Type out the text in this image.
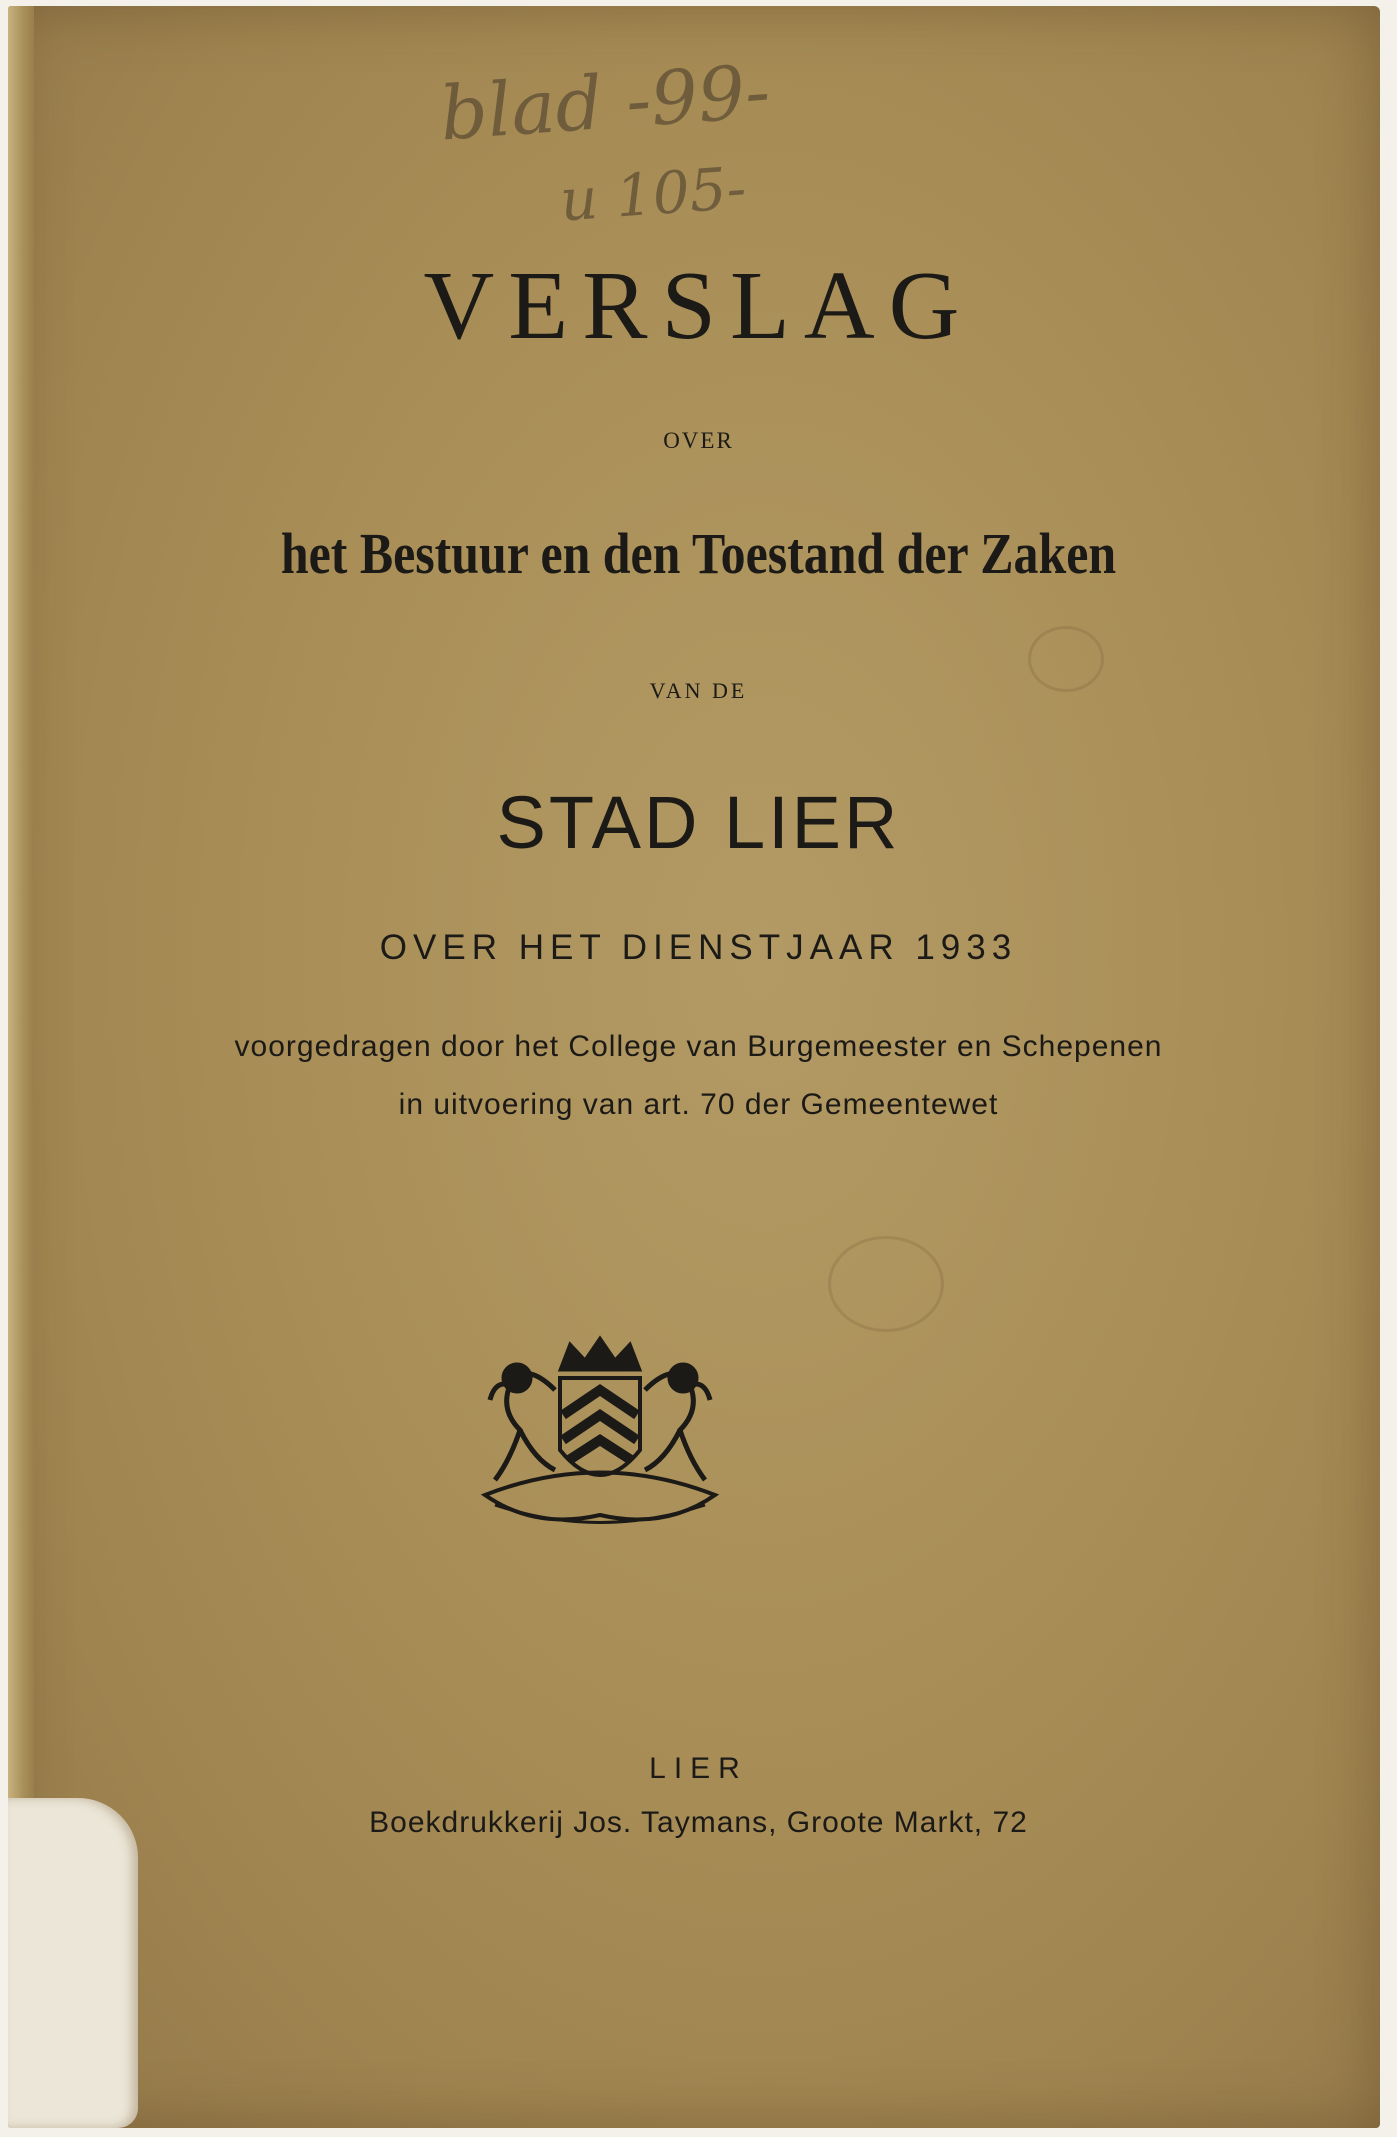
blad -99-
u 105-
VERSLAG
OVER
het Bestuur en den Toestand der Zaken
VAN DE
STAD LIER
OVER HET DIENSTJAAR 1933
voorgedragen door het College van Burgemeester en Schepenen
in uitvoering van art. 70 der Gemeentewet
LIER
Boekdrukkerij Jos. Taymans, Groote Markt, 72
